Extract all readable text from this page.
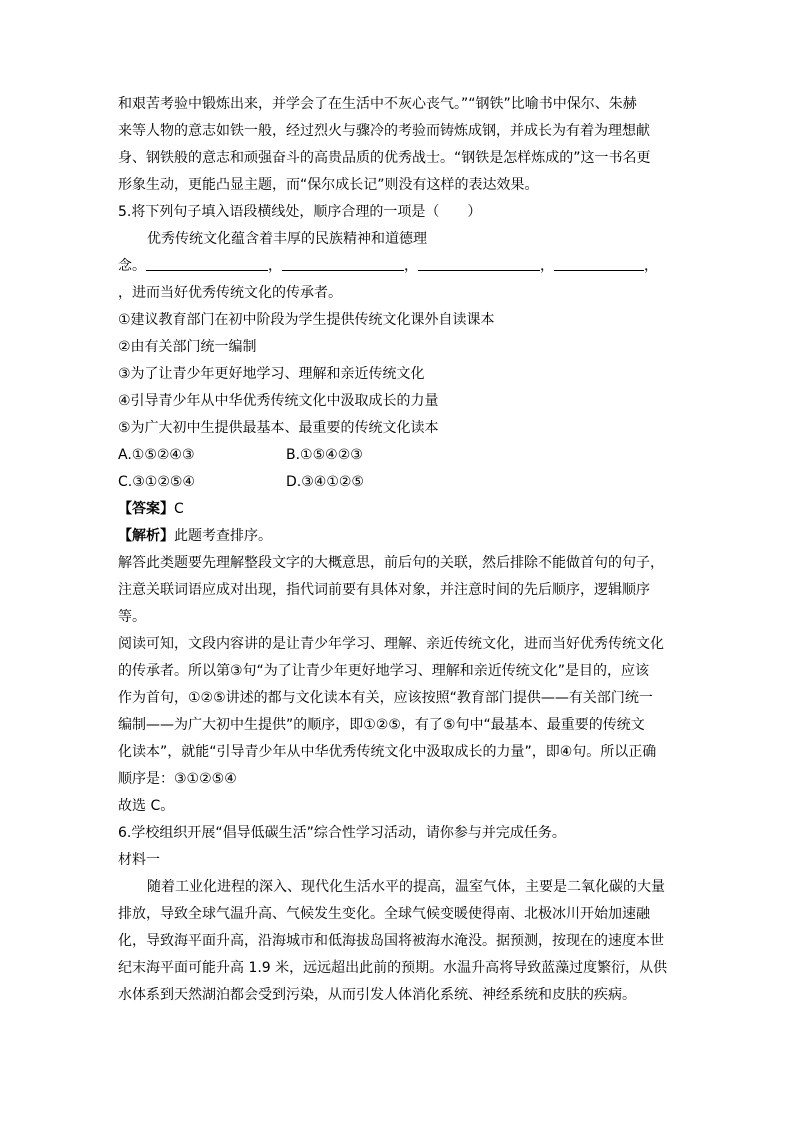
和艰苦考验中锻炼出来，并学会了在生活中不灰心丧气。”“钢铁”比喻书中保尔、朱赫
来等人物的意志如铁一般，经过烈火与骤冷的考验而铸炼成钢，并成长为有着为理想献
身、钢铁般的意志和顽强奋斗的高贵品质的优秀战士。“钢铁是怎样炼成的”这一书名更
形象生动，更能凸显主题，而“保尔成长记”则没有这样的表达效果。
5.将下列句子填入语段横线处，顺序合理的一项是（　　）
优秀传统文化蕴含着丰厚的民族精神和道德理
念。	，	，	，	，
，进而当好优秀传统文化的传承者。
①建议教育部门在初中阶段为学生提供传统文化课外自读课本
②由有关部门统一编制
③为了让青少年更好地学习、理解和亲近传统文化
④引导青少年从中华优秀传统文化中汲取成长的力量
⑤为广大初中生提供最基本、最重要的传统文化读本
A.①⑤②④③	B.①⑤④②③
C.③①②⑤④	D.③④①②⑤
【答案】C
【解析】此题考查排序。
解答此类题要先理解整段文字的大概意思，前后句的关联，然后排除不能做首句的句子，
注意关联词语应成对出现，指代词前要有具体对象，并注意时间的先后顺序，逻辑顺序
等。
阅读可知，文段内容讲的是让青少年学习、理解、亲近传统文化，进而当好优秀传统文化
的传承者。所以第③句“为了让青少年更好地学习、理解和亲近传统文化”是目的，应该
作为首句，①②⑤讲述的都与文化读本有关，应该按照“教育部门提供——有关部门统一
编制——为广大初中生提供”的顺序，即①②⑤，有了⑤句中“最基本、最重要的传统文
化读本”，就能“引导青少年从中华优秀传统文化中汲取成长的力量”，即④句。所以正确
顺序是：③①②⑤④
故选 C。
6.学校组织开展“倡导低碳生活”综合性学习活动，请你参与并完成任务。
材料一
随着工业化进程的深入、现代化生活水平的提高，温室气体，主要是二氧化碳的大量
排放，导致全球气温升高、气候发生变化。全球气候变暖使得南、北极冰川开始加速融
化，导致海平面升高，沿海城市和低海拔岛国将被海水淹没。据预测，按现在的速度本世
纪末海平面可能升高 1.9 米，远远超出此前的预期。水温升高将导致蓝藻过度繁衍，从供
水体系到天然湖泊都会受到污染，从而引发人体消化系统、神经系统和皮肤的疾病。
